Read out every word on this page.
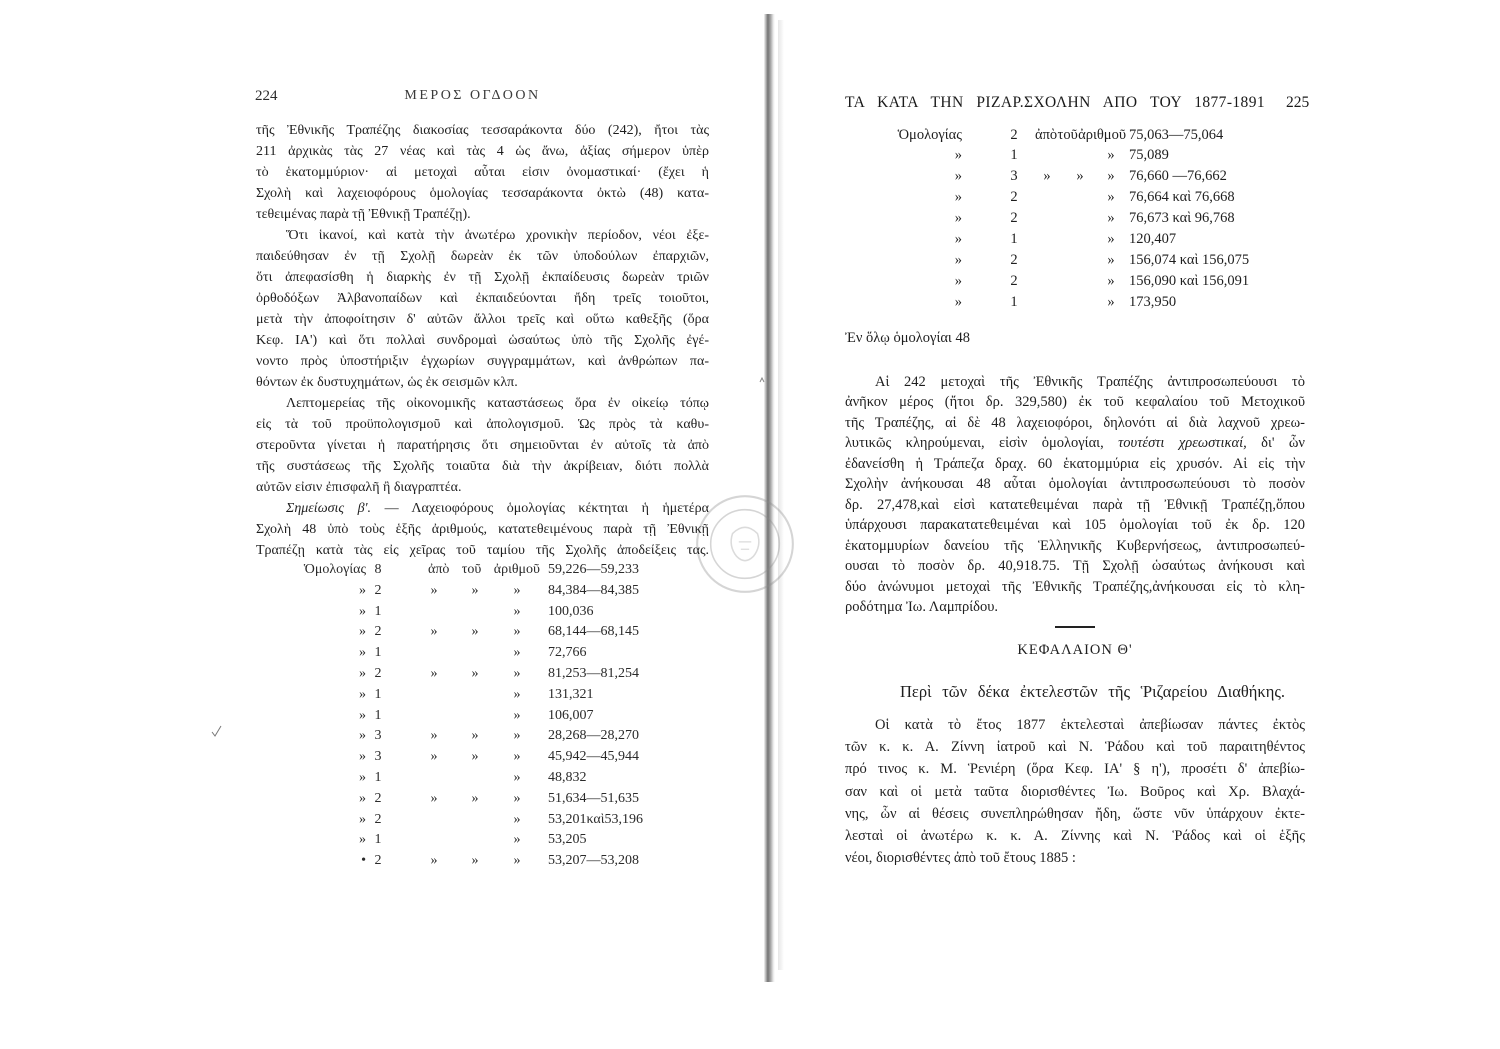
224	ΜΕΡΟΣ ΟΓΔΟΟΝ
τῆς Ἐθνικῆς Τραπέζης διακοσίας τεσσαράκοντα δύο (242), ἤτοι τὰς
211 ἀρχικὰς τὰς 27 νέας καὶ τὰς 4 ὡς ἄνω, ἀξίας σήμερον ὑπὲρ
τὸ ἑκατομμύριον· αἱ μετοχαὶ αὗται εἰσιν ὀνομαστικαί· (ἔχει ἡ
Σχολὴ καὶ λαχειοφόρους ὁμολογίας τεσσαράκοντα ὀκτὼ (48) κατα-
τεθειμένας παρὰ τῇ Ἐθνικῇ Τραπέζῃ).
Ὅτι ἱκανοί, καὶ κατὰ τὴν ἀνωτέρω χρονικὴν περίοδον, νέοι ἐξε-
παιδεύθησαν ἐν τῇ Σχολῇ δωρεὰν ἐκ τῶν ὑποδούλων ἐπαρχιῶν,
ὅτι ἀπεφασίσθη ἡ διαρκὴς ἐν τῇ Σχολῇ ἐκπαίδευσις δωρεὰν τριῶν
ὀρθοδόξων Ἀλβανοπαίδων καὶ ἐκπαιδεύονται ἤδη τρεῖς τοιοῦτοι,
μετὰ τὴν ἀποφοίτησιν δ' αὐτῶν ἄλλοι τρεῖς καὶ οὕτω καθεξῆς (ὅρα
Κεφ. ΙΑ') καὶ ὅτι πολλαὶ συνδρομαὶ ὡσαύτως ὑπὸ τῆς Σχολῆς ἐγέ-
νοντο πρὸς ὑποστήριξιν ἐγχωρίων συγγραμμάτων, καὶ ἀνθρώπων πα-
θόντων ἐκ δυστυχημάτων, ὡς ἐκ σεισμῶν κλπ.
Λεπτομερείας τῆς οἰκονομικῆς καταστάσεως ὅρα ἐν οἰκείῳ τόπῳ
εἰς τὰ τοῦ προϋπολογισμοῦ καὶ ἀπολογισμοῦ. Ὡς πρὸς τὰ καθυ-
στεροῦντα γίνεται ἡ παρατήρησις ὅτι σημειοῦνται ἐν αὐτοῖς τὰ ἀπὸ
τῆς συστάσεως τῆς Σχολῆς τοιαῦτα διὰ τὴν ἀκρίβειαν, διότι πολλὰ
αὐτῶν εἰσιν ἐπισφαλῆ ἢ διαγραπτέα.
Σημείωσις β'. — Λαχειοφόρους ὁμολογίας κέκτηται ἡ ἡμετέρα
Σχολὴ 48 ὑπὸ τοὺς ἑξῆς ἀριθμούς, κατατεθειμένους παρὰ τῇ Ἐθνικῇ
Τραπέζῃ κατὰ τὰς εἰς χεῖρας τοῦ ταμίου τῆς Σχολῆς ἀποδείξεις τας.
Ὁμολογίας 8	ἀπὸ τοῦ ἀριθμοῦ 59,226—59,233
» 2	»	»	»	84,384—84,385
» 1	»	100,036
» 2	»	»	»	68,144—68,145
» 1	»	72,766
» 2	»	»	»	81,253—81,254
» 1	»	131,321
» 1	»	106,007
» 3	»	»	»	28,268—28,270
» 3	»	»	»	45,942—45,944
» 1	»	48,832
» 2	»	»	»	51,634—51,635
» 2	»	53,201καὶ53,196
» 1	»	53,205
• 2	»	»	»	53,207—53,208
ΤΑ ΚΑΤΑ ΤΗΝ ΡΙΖΑΡ.ΣΧΟΛΗΝ ΑΠΟ ΤΟΥ 1877-1891 225
Ὁμολογίας	2	ἀπὸ τοῦ ἀριθμοῦ 75,063—75,064
»	1	» 75,089
»	3	»	»	» 76,660 —76,662
»	2	» 76,664 καὶ 76,668
»	2	» 76,673 καὶ 96,768
»	1	» 120,407
»	2	» 156,074 καὶ 156,075
»	2	» 156,090 καὶ 156,091
»	1	» 173,950
Ἐν ὅλῳ ὁμολογίαι 48
Αἱ 242 μετοχαὶ τῆς Ἐθνικῆς Τραπέζης ἀντιπροσωπεύουσι τὸ
ἀνῆκον μέρος (ἤτοι δρ. 329,580) ἐκ τοῦ κεφαλαίου τοῦ Μετοχικοῦ
τῆς Τραπέζης, αἱ δὲ 48 λαχειοφόροι, δηλονότι αἱ διὰ λαχνοῦ χρεω-
λυτικῶς κληρούμεναι, εἰσὶν ὁμολογίαι, τουτέστι χρεωστικαί, δι' ὧν
ἐδανείσθη ἡ Τράπεζα δραχ. 60 ἑκατομμύρια εἰς χρυσόν. Αἱ εἰς τὴν
Σχολὴν ἀνήκουσαι 48 αὗται ὁμολογίαι ἀντιπροσωπεύουσι τὸ ποσὸν
δρ. 27,478,καὶ εἰσὶ κατατεθειμέναι παρὰ τῇ Ἐθνικῇ Τραπέζῃ,ὅπου
ὑπάρχουσι παρακατατεθειμέναι καὶ 105 ὁμολογίαι τοῦ ἐκ δρ. 120
ἑκατομμυρίων δανείου τῆς Ἑλληνικῆς Κυβερνήσεως, ἀντιπροσωπεύ-
ουσαι τὸ ποσὸν δρ. 40,918.75. Τῇ Σχολῇ ὡσαύτως ἀνήκουσι καὶ
δύο ἀνώνυμοι μετοχαὶ τῆς Ἐθνικῆς Τραπέζης,ἀνήκουσαι εἰς τὸ κλη-
ροδότημα Ἰω. Λαμπρίδου.
ΚΕΦΑΛΑΙΟΝ Θ'
Περὶ τῶν δέκα ἐκτελεστῶν τῆς Ῥιζαρείου Διαθήκης.
Οἱ κατὰ τὸ ἔτος 1877 ἐκτελεσταὶ ἀπεβίωσαν πάντες ἐκτὸς
τῶν κ. κ. Α. Ζίννη ἰατροῦ καὶ Ν. Ῥάδου καὶ τοῦ παραιτηθέντος
πρό τινος κ. Μ. Ῥενιέρη (ὅρα Κεφ. ΙΑ' § η'), προσέτι δ' ἀπεβίω-
σαν καὶ οἱ μετὰ ταῦτα διορισθέντες Ἰω. Βοῦρος καὶ Χρ. Βλαχά-
νης, ὧν αἱ θέσεις συνεπληρώθησαν ἤδη, ὥστε νῦν ὑπάρχουν ἐκτε-
λεσταὶ οἱ ἀνωτέρω κ. κ. Α. Ζίννης καὶ Ν. Ῥάδος καὶ οἱ ἑξῆς
νέοι, διορισθέντες ἀπὸ τοῦ ἔτους 1885 :
